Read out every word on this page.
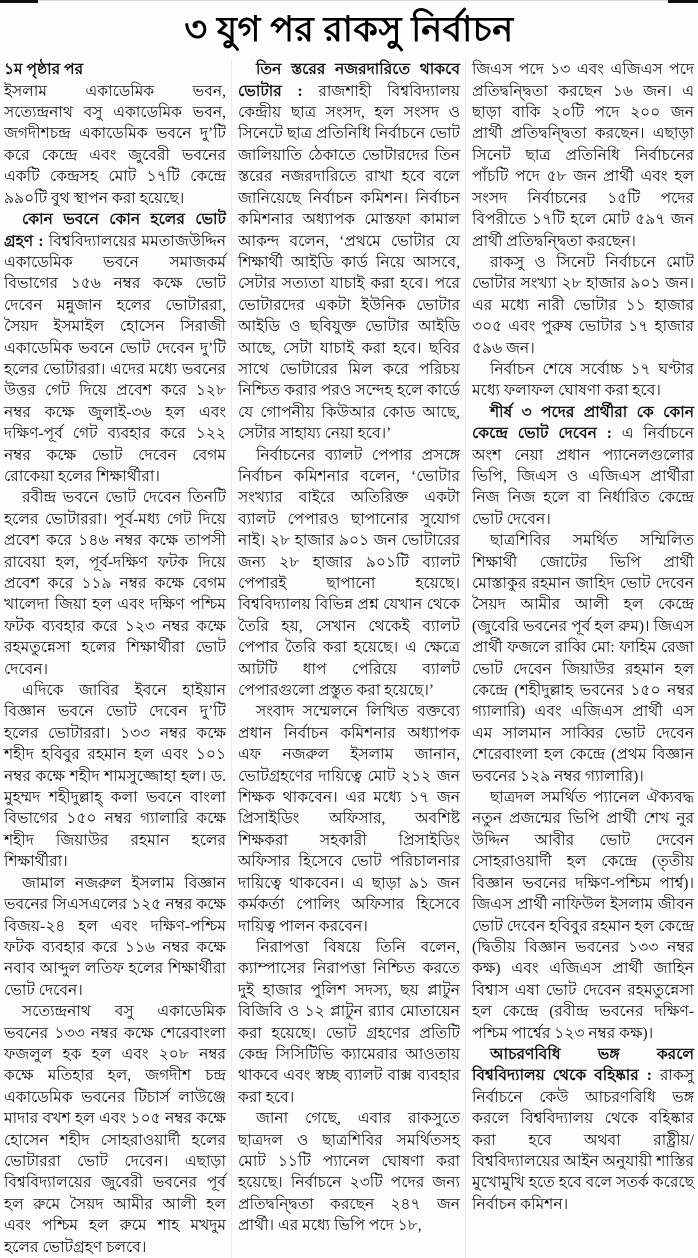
৩ যুগ পর রাকসু নির্বাচন

১ম পৃষ্ঠার পর

ইসলাম একাডেমিক ভবন, সত্যেন্দ্রনাথ বসু একাডেমিক ভবন, জগদীশচন্দ্র একাডেমিক ভবনে দু’টি করে কেন্দ্রে এবং জুবেরী ভবনের একটি কেন্দ্রসহ মোট ১৭টি কেন্দ্রে ৯৯০টি বুথ স্থাপন করা হয়েছে।

কোন ভবনে কোন হলের ভোট গ্রহণ : বিশ্ববিদ্যালয়ের মমতাজউদ্দিন একাডেমিক ভবনে সমাজকর্ম বিভাগের ১৫৬ নম্বর কক্ষে ভোট দেবেন মন্নুজান হলের ভোটাররা, সৈয়দ ইসমাইল হোসেন সিরাজী একাডেমিক ভবনে ভোট দেবেন দু’টি হলের ভোটাররা। এদের মধ্যে ভবনের উত্তর গেট দিয়ে প্রবেশ করে ১২৮ নম্বর কক্ষে জুলাই-৩৬ হল এবং দক্ষিণ-পূর্ব গেট ব্যবহার করে ১২২ নম্বর কক্ষে ভোট দেবেন বেগম রোকেয়া হলের শিক্ষার্থীরা।

রবীন্দ্র ভবনে ভোট দেবেন তিনটি হলের ভোটাররা। পূর্ব-মধ্য গেট দিয়ে প্রবেশ করে ১৪৬ নম্বর কক্ষে তাপসী রাবেয়া হল, পূর্ব-দক্ষিণ ফটক দিয়ে প্রবেশ করে ১১৯ নম্বর কক্ষে বেগম খালেদা জিয়া হল এবং দক্ষিণ পশ্চিম ফটক ব্যবহার করে ১২৩ নম্বর কক্ষে রহমতুন্নেসা হলের শিক্ষার্থীরা ভোট দেবেন।

এদিকে জাবির ইবনে হাইয়ান বিজ্ঞান ভবনে ভোট দেবেন দু’টি হলের ভোটাররা। ১৩৩ নম্বর কক্ষে শহীদ হবিবুর রহমান হল এবং ১০১ নম্বর কক্ষে শহীদ শামসুজ্জোহা হল। ড. মুহম্মদ শহীদুল্লাহ্‌ কলা ভবনে বাংলা বিভাগের ১৫০ নম্বর গ্যালারি কক্ষে শহীদ জিয়াউর রহমান হলের শিক্ষার্থীরা।

জামাল নজরুল ইসলাম বিজ্ঞান ভবনের সিএসএলের ১২৫ নম্বর কক্ষে বিজয়-২৪ হল এবং দক্ষিণ-পশ্চিম ফটক ব্যবহার করে ১১৬ নম্বর কক্ষে নবাব আব্দুল লতিফ হলের শিক্ষার্থীরা ভোট দেবেন।

সত্যেন্দ্রনাথ বসু একাডেমিক ভবনের ১৩৩ নম্বর কক্ষে শেরেবাংলা ফজলুল হক হল এবং ২০৮ নম্বর কক্ষে মতিহার হল, জগদীশ চন্দ্র একাডেমিক ভবনের টিচার্স লাউঞ্জে মাদার বখশ হল এবং ১০৫ নম্বর কক্ষে হোসেন শহীদ সোহরাওয়ার্দী হলের ভোটাররা ভোট দেবেন। এছাড়া বিশ্ববিদ্যালয়ের জুবেরী ভবনের পূর্ব হল রুমে সৈয়দ আমীর আলী হল এবং পশ্চিম হল রুমে শাহ মখদুম হলের ভোটগ্রহণ চলবে।

তিন স্তরের নজরদারিতে থাকবে ভোটার : রাজশাহী বিশ্ববিদ্যালয় কেন্দ্রীয় ছাত্র সংসদ, হল সংসদ ও সিনেটে ছাত্র প্রতিনিধি নির্বাচনে ভোট জালিয়াতি ঠেকাতে ভোটারদের তিন স্তরের নজরদারিতে রাখা হবে বলে জানিয়েছে নির্বাচন কমিশন। নির্বাচন কমিশনার অধ্যাপক মোস্তফা কামাল আকন্দ বলেন, ‘প্রথমে ভোটার যে শিক্ষার্থী আইডি কার্ড নিয়ে আসবে, সেটার সত্যতা যাচাই করা হবে। পরে ভোটারদের একটা ইউনিক ভোটার আইডি ও ছবিযুক্ত ভোটার আইডি আছে, সেটা যাচাই করা হবে। ছবির সাথে ভোটারের মিল করে পরিচয় নিশ্চিত করার পরও সন্দেহ হলে কার্ডে যে গোপনীয় কিউআর কোড আছে, সেটার সাহায্য নেয়া হবে।’

নির্বাচনের ব্যালট পেপার প্রসঙ্গে নির্বাচন কমিশনার বলেন, ‘ভোটার সংখ্যার বাইরে অতিরিক্ত একটা ব্যালট পেপারও ছাপানোর সুযোগ নাই। ২৮ হাজার ৯০১ জন ভোটারের জন্য ২৮ হাজার ৯০১টি ব্যালট পেপারই ছাপানো হয়েছে। বিশ্ববিদ্যালয় বিভিন্ন প্রশ্ন যেখান থেকে তৈরি হয়, সেখান থেকেই ব্যালট পেপার তৈরি করা হয়েছে। এ ক্ষেত্রে আটটি ধাপ পেরিয়ে ব্যালট পেপারগুলো প্রস্তুত করা হয়েছে।’

সংবাদ সম্মেলনে লিখিত বক্তব্যে প্রধান নির্বাচন কমিশনার অধ্যাপক এফ নজরুল ইসলাম জানান, ভোটগ্রহণের দায়িত্বে মোট ২১২ জন শিক্ষক থাকবেন। এর মধ্যে ১৭ জন প্রিসাইডিং অফিসার, অবশিষ্ট শিক্ষকরা সহকারী প্রিসাইডিং অফিসার হিসেবে ভোট পরিচালনার দায়িত্বে থাকবেন। এ ছাড়া ৯১ জন কর্মকর্তা পোলিং অফিসার হিসেবে দায়িত্ব পালন করবেন।

নিরাপত্তা বিষয়ে তিনি বলেন, ক্যাম্পাসের নিরাপত্তা নিশ্চিত করতে দুই হাজার পুলিশ সদস্য, ছয় প্লাটুন বিজিবি ও ১২ প্লাটুন র‍্যাব মোতায়েন করা হয়েছে। ভোট গ্রহণের প্রতিটি কেন্দ্র সিসিটিভি ক্যামেরার আওতায় থাকবে এবং স্বচ্ছ ব্যালট বাক্স ব্যবহার করা হবে।

জানা গেছে, এবার রাকসুতে ছাত্রদল ও ছাত্রশিবির সমর্থিতসহ মোট ১১টি প্যানেল ঘোষণা করা হয়েছে। নির্বাচনে ২৩টি পদের জন্য প্রতিদ্বন্দ্বিতা করছেন ২৪৭ জন প্রার্থী। এর মধ্যে ভিপি পদে ১৮,

জিএস পদে ১৩ এবং এজিএস পদে প্রতিদ্বন্দ্বিতা করছেন ১৬ জন। এ ছাড়া বাকি ২০টি পদে ২০০ জন প্রার্থী প্রতিদ্বন্দ্বিতা করছেন। এছাড়া সিনেট ছাত্র প্রতিনিধি নির্বাচনের পাঁচটি পদে ৫৮ জন প্রার্থী এবং হল সংসদ নির্বাচনের ১৫টি পদের বিপরীতে ১৭টি হলে মোট ৫৯৭ জন প্রার্থী প্রতিদ্বন্দ্বিতা করছেন।

রাকসু ও সিনেট নির্বাচনে মোট ভোটার সংখ্যা ২৮ হাজার ৯০১ জন। এর মধ্যে নারী ভোটার ১১ হাজার ৩০৫ এবং পুরুষ ভোটার ১৭ হাজার ৫৯৬ জন।

নির্বাচন শেষে সর্বোচ্চ ১৭ ঘণ্টার মধ্যে ফলাফল ঘোষণা করা হবে।

শীর্ষ ৩ পদের প্রার্থীরা কে কোন কেন্দ্রে ভোট দেবেন : এ নির্বাচনে অংশ নেয়া প্রধান প্যানেলগুলোর ভিপি, জিএস ও এজিএস প্রার্থীরা নিজ নিজ হলে বা নির্ধারিত কেন্দ্রে ভোট দেবেন।

ছাত্রশিবির সমর্থিত সম্মিলিত শিক্ষার্থী জোটের ভিপি প্রার্থী মোস্তাকুর রহমান জাহিদ ভোট দেবেন সৈয়দ আমীর আলী হল কেন্দ্রে (জুবেরি ভবনের পূর্ব হল রুম)। জিএস প্রার্থী ফজলে রাব্বি মো: ফাহিম রেজা ভোট দেবেন জিয়াউর রহমান হল কেন্দ্রে (শহীদুল্লাহ ভবনের ১৫০ নম্বর গ্যালারি) এবং এজিএস প্রার্থী এস এম সালমান সাব্বির ভোট দেবেন শেরেবাংলা হল কেন্দ্রে (প্রথম বিজ্ঞান ভবনের ১২৯ নম্বর গ্যালারি)।

ছাত্রদল সমর্থিত প্যানেল ঐক্যবদ্ধ নতুন প্রজন্মের ভিপি প্রার্থী শেখ নুর উদ্দিন আবীর ভোট দেবেন সোহরাওয়ার্দী হল কেন্দ্রে (তৃতীয় বিজ্ঞান ভবনের দক্ষিণ-পশ্চিম পার্শ্ব)। জিএস প্রার্থী নাফিউল ইসলাম জীবন ভোট দেবেন হবিবুর রহমান হল কেন্দ্রে (দ্বিতীয় বিজ্ঞান ভবনের ১৩৩ নম্বর কক্ষ) এবং এজিএস প্রার্থী জাহিন বিশ্বাস এষা ভোট দেবেন রহমতুন্নেসা হল কেন্দ্রে (রবীন্দ্র ভবনের দক্ষিণ-পশ্চিম পার্শ্বের ১২৩ নম্বর কক্ষ)।

আচরণবিধি ভঙ্গ করলে বিশ্ববিদ্যালয় থেকে বহিষ্কার : রাকসু নির্বাচনে কেউ আচরণবিধি ভঙ্গ করলে বিশ্ববিদ্যালয় থেকে বহিষ্কার করা হবে অথবা রাষ্ট্রীয়/ বিশ্ববিদ্যালয়ের আইন অনুযায়ী শাস্তির মুখোমুখি হতে হবে বলে সতর্ক করেছে নির্বাচন কমিশন।
